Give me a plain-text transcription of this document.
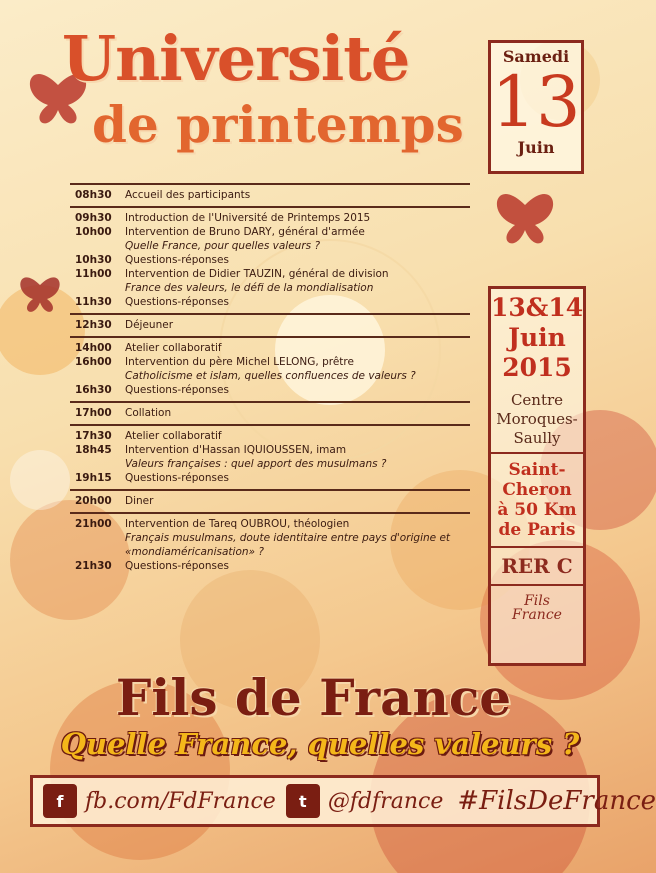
Université
de printemps
Samedi
13
Juin
08h30	Accueil des participants
09h30	Introduction de l'Université de Printemps 2015
10h00	Intervention de Bruno DARY, général d'armée
Quelle France, pour quelles valeurs ?
10h30	Questions-réponses
11h00	Intervention de Didier TAUZIN, général de division
France des valeurs, le défi de la mondialisation
11h30	Questions-réponses
12h30	Déjeuner
14h00	Atelier collaboratif
16h00	Intervention du père Michel LELONG, prêtre
Catholicisme et islam, quelles confluences de valeurs ?
16h30	Questions-réponses
17h00	Collation
17h30	Atelier collaboratif
18h45	Intervention d'Hassan IQUIOUSSEN, imam
Valeurs françaises : quel apport des musulmans ?
19h15	Questions-réponses
20h00	Diner
21h00	Intervention de Tareq OUBROU, théologien
Français musulmans, doute identitaire entre pays d'origine et «mondiaméricanisation» ?
21h30	Questions-réponses
13&14
Juin
2015
Centre
Moroques-
Saully
Saint-
Cheron
à 50 Km
de Paris
RER C
Fils
France
Fils de France
Quelle France, quelles valeurs ?
f fb.com/FdFrance	t @fdfrance #FilsDeFrance
